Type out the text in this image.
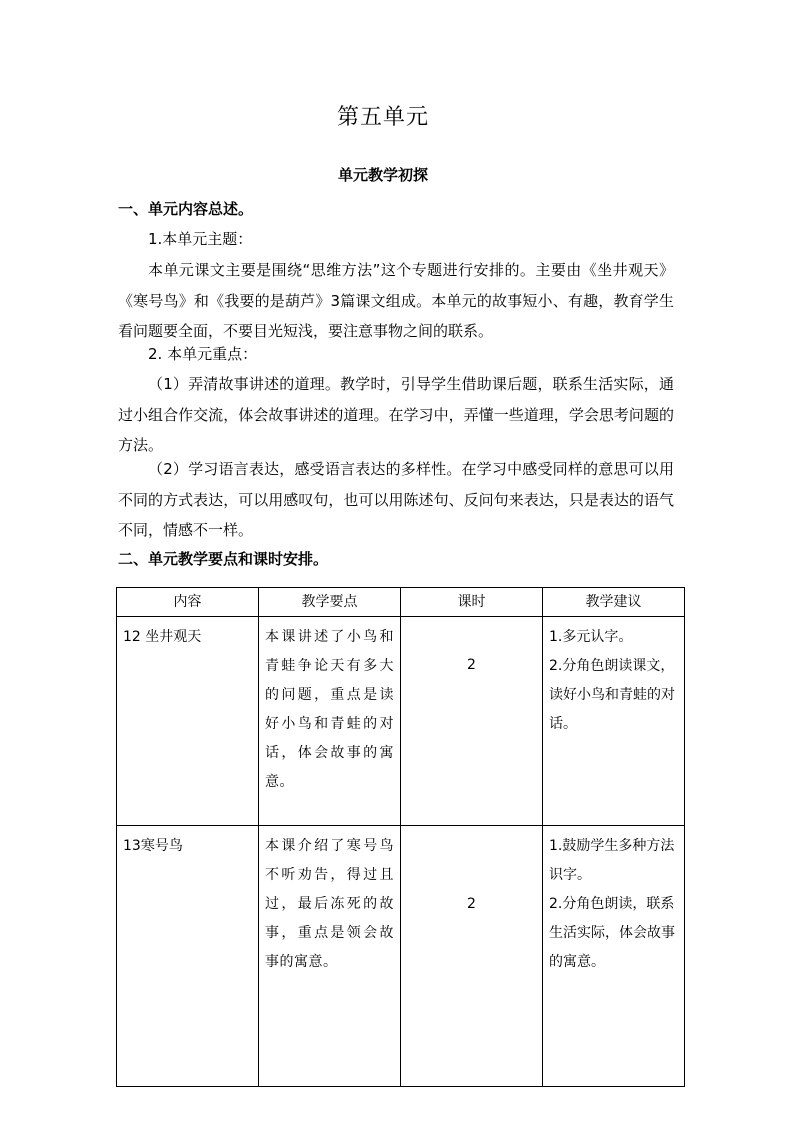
第五单元
单元教学初探
一、单元内容总述。
1.本单元主题：
本单元课文主要是围绕“思维方法”这个专题进行安排的。主要由《坐井观天》《寒号鸟》和《我要的是葫芦》3篇课文组成。本单元的故事短小、有趣，教育学生看问题要全面，不要目光短浅，要注意事物之间的联系。
2. 本单元重点：
（1）弄清故事讲述的道理。教学时，引导学生借助课后题，联系生活实际，通过小组合作交流，体会故事讲述的道理。在学习中，弄懂一些道理，学会思考问题的方法。
（2）学习语言表达，感受语言表达的多样性。在学习中感受同样的意思可以用不同的方式表达，可以用感叹句，也可以用陈述句、反问句来表达，只是表达的语气不同，情感不一样。
二、单元教学要点和课时安排。
内容	教学要点	课时	教学建议
12 坐井观天	本课讲述了小鸟和青蛙争论天有多大的问题，重点是读好小鸟和青蛙的对话，体会故事的寓意。	2	1.多元认字。
2.分角色朗读课文，读好小鸟和青蛙的对话。

13寒号鸟	本课介绍了寒号鸟不听劝告，得过且过，最后冻死的故事，重点是领会故事的寓意。	2	1.鼓励学生多种方法识字。
2.分角色朗读，联系生活实际，体会故事的寓意。
